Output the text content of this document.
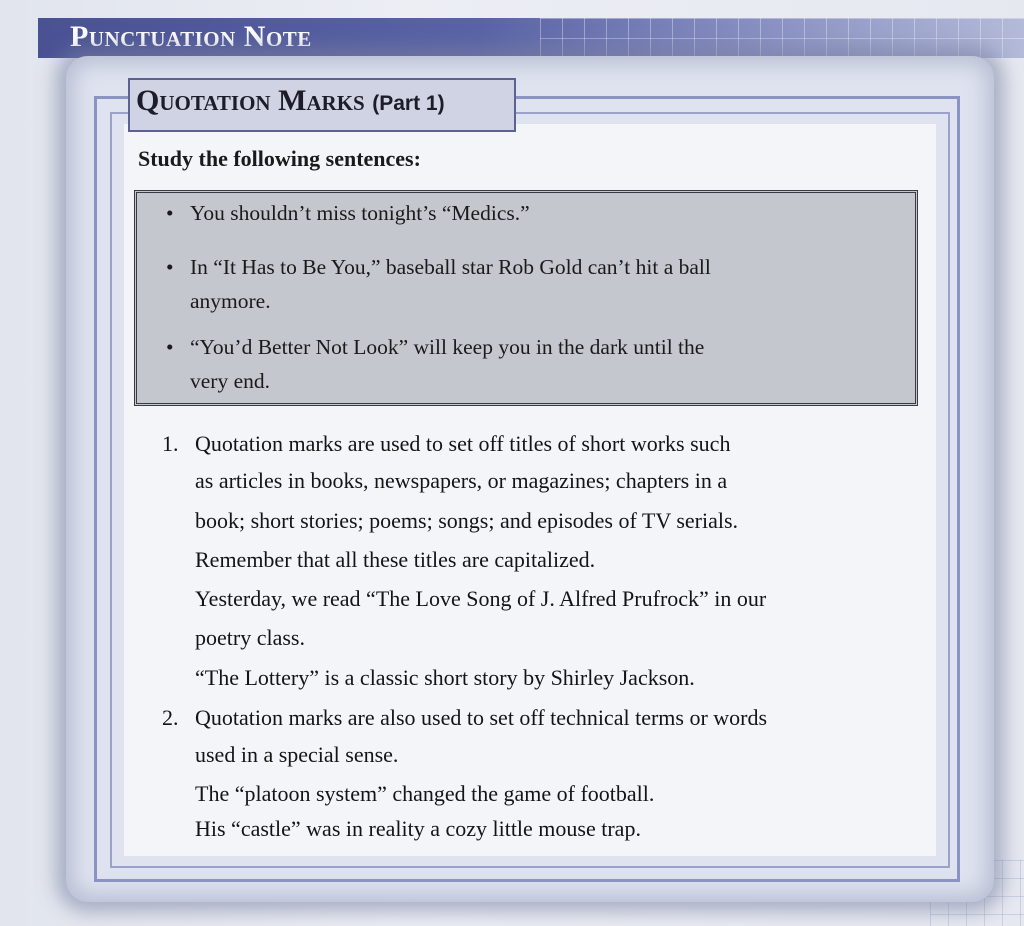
Punctuation Note
Quotation Marks (Part 1)
Study the following sentences:
• You shouldn’t miss tonight’s “Medics.”
• In “It Has to Be You,” baseball star Rob Gold can’t hit a ball
anymore.
• “You’d Better Not Look” will keep you in the dark until the
very end.
1. Quotation marks are used to set off titles of short works such
as articles in books, newspapers, or magazines; chapters in a
book; short stories; poems; songs; and episodes of TV serials.
Remember that all these titles are capitalized.
Yesterday, we read “The Love Song of J. Alfred Prufrock” in our
poetry class.
“The Lottery” is a classic short story by Shirley Jackson.
2. Quotation marks are also used to set off technical terms or words
used in a special sense.
The “platoon system” changed the game of football.
His “castle” was in reality a cozy little mouse trap.
